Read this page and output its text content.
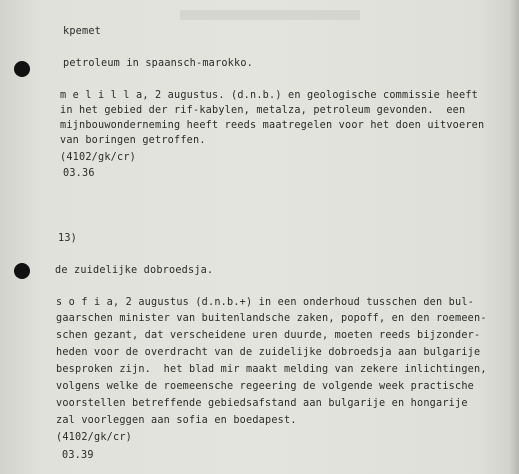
kpemet
petroleum in spaansch-marokko.
m e l i l l a, 2 augustus. (d.n.b.) en geologische commissie heeft
in het gebied der rif-kabylen, metalza, petroleum gevonden.  een
mijnbouwonderneming heeft reeds maatregelen voor het doen uitvoeren
van boringen getroffen.
(4102/gk/cr)
03.36
13)
de zuidelijke dobroedsja.
s o f i a, 2 augustus (d.n.b.+) in een onderhoud tusschen den bul-
gaarschen minister van buitenlandsche zaken, popoff, en den roemeen-
schen gezant, dat verscheidene uren duurde, moeten reeds bijzonder-
heden voor de overdracht van de zuidelijke dobroedsja aan bulgarije
besproken zijn.  het blad mir maakt melding van zekere inlichtingen,
volgens welke de roemeensche regeering de volgende week practische
voorstellen betreffende gebiedsafstand aan bulgarije en hongarije
zal voorleggen aan sofia en boedapest.
(4102/gk/cr)
03.39
